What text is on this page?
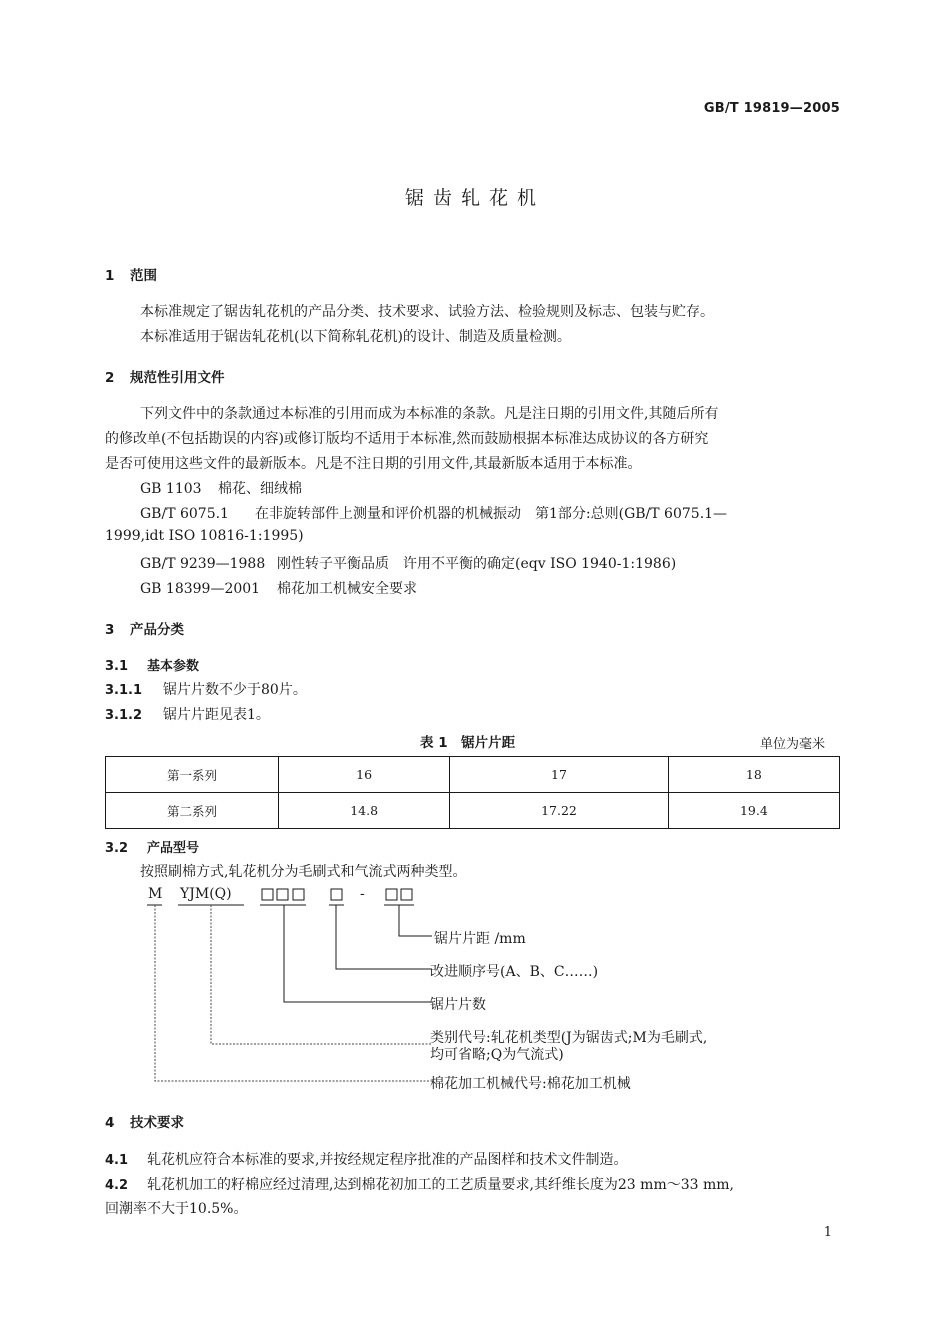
GB/T 19819—2005
锯齿轧花机
1 范围
本标准规定了锯齿轧花机的产品分类、技术要求、试验方法、检验规则及标志、包装与贮存。
本标准适用于锯齿轧花机(以下简称轧花机)的设计、制造及质量检测。
2 规范性引用文件
下列文件中的条款通过本标准的引用而成为本标准的条款。凡是注日期的引用文件,其随后所有
的修改单(不包括勘误的内容)或修订版均不适用于本标准,然而鼓励根据本标准达成协议的各方研究
是否可使用这些文件的最新版本。凡是不注日期的引用文件,其最新版本适用于本标准。
GB 1103 棉花、细绒棉
GB/T 6075.1 在非旋转部件上测量和评价机器的机械振动　第1部分:总则(GB/T 6075.1—
1999,idt ISO 10816-1:1995)
GB/T 9239—1988 刚性转子平衡品质　许用不平衡的确定(eqv ISO 1940-1:1986)
GB 18399—2001 棉花加工机械安全要求
3 产品分类
3.1 基本参数
3.1.1 锯片片数不少于80片。
3.1.2 锯片片距见表1。
表 1　锯片片距	单位为毫米
第一系列	16	17	18
第二系列	14.8	17.22	19.4
3.2 产品型号
按照刷棉方式,轧花机分为毛刷式和气流式两种类型。
M YJM(Q)	-
锯片片距 /mm
改进顺序号(A、B、C……)
锯片片数
类别代号:轧花机类型(J为锯齿式;M为毛刷式,
均可省略;Q为气流式)
棉花加工机械代号:棉花加工机械
4 技术要求
4.1 轧花机应符合本标准的要求,并按经规定程序批准的产品图样和技术文件制造。
4.2 轧花机加工的籽棉应经过清理,达到棉花初加工的工艺质量要求,其纤维长度为23 mm～33 mm,
回潮率不大于10.5%。
1
